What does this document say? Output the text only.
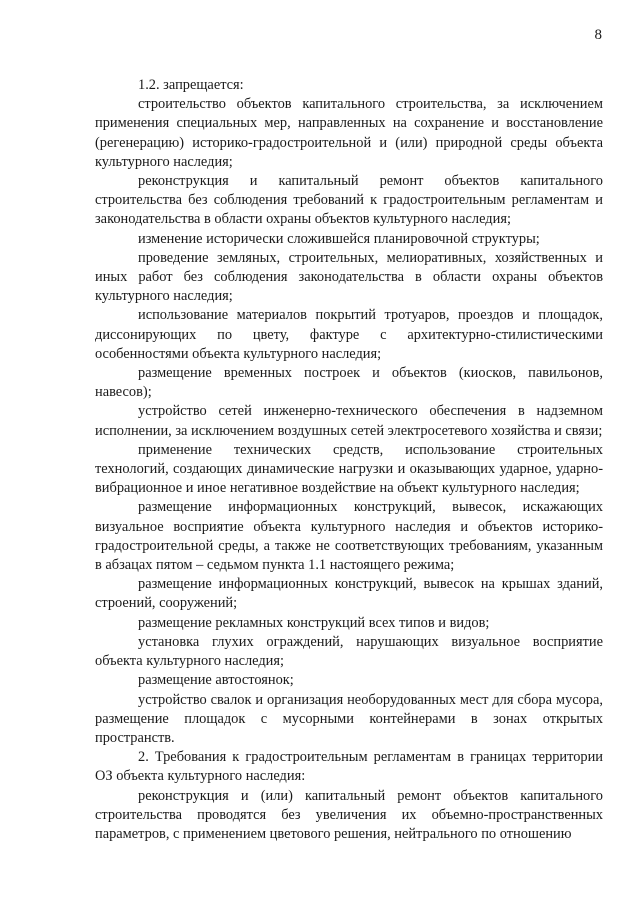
8

1.2. запрещается:

строительство объектов капитального строительства, за исключением применения специальных мер, направленных на сохранение и восстановление (регенерацию) историко-градостроительной и (или) природной среды объекта культурного наследия;

реконструкция и капитальный ремонт объектов капитального строительства без соблюдения требований к градостроительным регламентам и законодательства в области охраны объектов культурного наследия;

изменение исторически сложившейся планировочной структуры;

проведение земляных, строительных, мелиоративных, хозяйственных и иных работ без соблюдения законодательства в области охраны объектов культурного наследия;

использование материалов покрытий тротуаров, проездов и площадок, диссонирующих по цвету, фактуре с архитектурно-стилистическими особенностями объекта культурного наследия;

размещение временных построек и объектов (киосков, павильонов, навесов);

устройство сетей инженерно-технического обеспечения в надземном исполнении, за исключением воздушных сетей электросетевого хозяйства и связи;

применение технических средств, использование строительных технологий, создающих динамические нагрузки и оказывающих ударное, ударно-вибрационное и иное негативное воздействие на объект культурного наследия;

размещение информационных конструкций, вывесок, искажающих визуальное восприятие объекта культурного наследия и объектов историко-градостроительной среды, а также не соответствующих требованиям, указанным в абзацах пятом – седьмом пункта 1.1 настоящего режима;

размещение информационных конструкций, вывесок на крышах зданий, строений, сооружений;

размещение рекламных конструкций всех типов и видов;

установка глухих ограждений, нарушающих визуальное восприятие объекта культурного наследия;

размещение автостоянок;

устройство свалок и организация необорудованных мест для сбора мусора, размещение площадок с мусорными контейнерами в зонах открытых пространств.

2. Требования к градостроительным регламентам в границах территории ОЗ объекта культурного наследия:

реконструкция и (или) капитальный ремонт объектов капитального строительства проводятся без увеличения их объемно-пространственных параметров, с применением цветового решения, нейтрального по отношению
